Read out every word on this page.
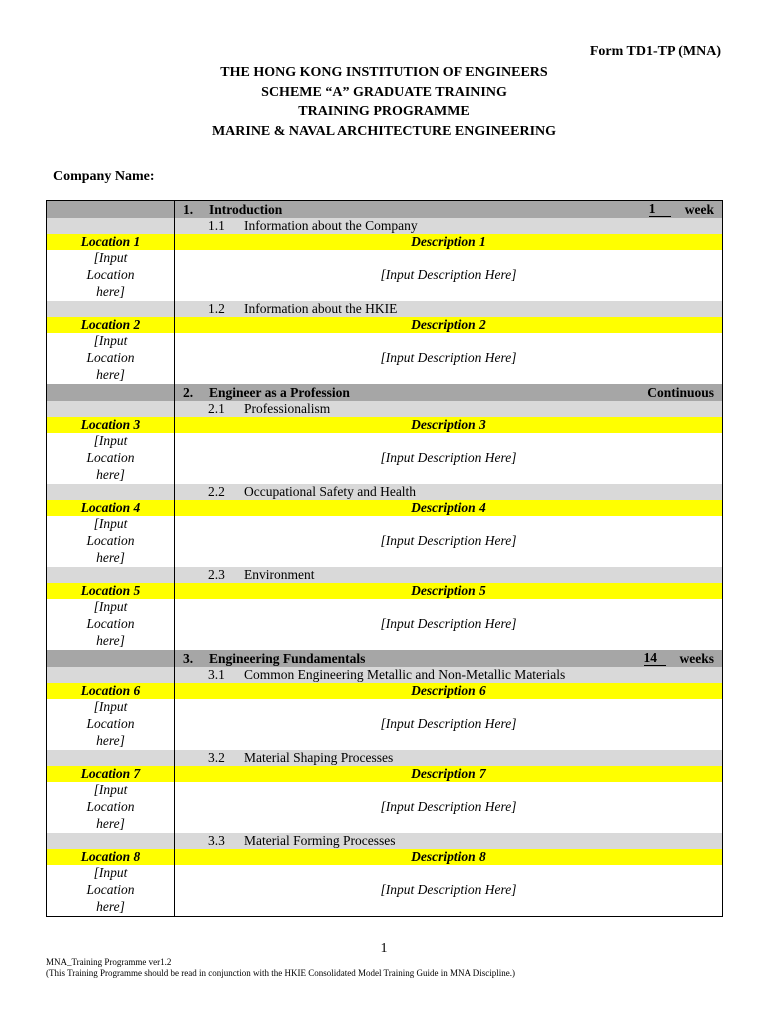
Form TD1-TP (MNA)
THE HONG KONG INSTITUTION OF ENGINEERS
SCHEME “A” GRADUATE TRAINING
TRAINING PROGRAMME
MARINE & NAVAL ARCHITECTURE ENGINEERING
Company Name:

	1. Introduction 1 week

	1.1 Information about the Company

Location 1	Description 1
[Input
Location
here]	[Input Description Here]

	1.2 Information about the HKIE

Location 2	Description 2
[Input
Location
here]	[Input Description Here]

	2. Engineer as a Profession Continuous

	2.1 Professionalism

Location 3	Description 3
[Input
Location
here]	[Input Description Here]

	2.2 Occupational Safety and Health

Location 4	Description 4
[Input
Location
here]	[Input Description Here]

	2.3 Environment

Location 5	Description 5
[Input
Location
here]	[Input Description Here]

	3. Engineering Fundamentals 14 weeks

	3.1 Common Engineering Metallic and Non-Metallic Materials

Location 6	Description 6
[Input
Location
here]	[Input Description Here]

	3.2 Material Shaping Processes

Location 7	Description 7
[Input
Location
here]	[Input Description Here]

	3.3 Material Forming Processes

Location 8	Description 8
[Input
Location
here]	[Input Description Here]
1
MNA_Training Programme ver1.2
(This Training Programme should be read in conjunction with the HKIE Consolidated Model Training Guide in MNA Discipline.)
